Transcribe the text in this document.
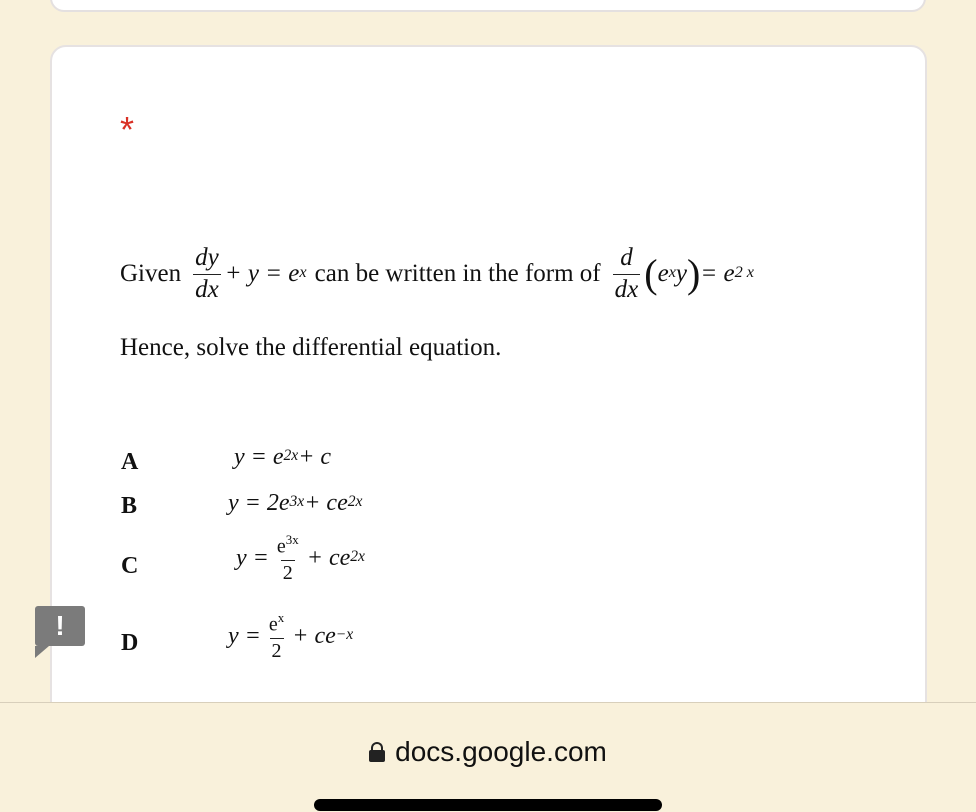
*
Given $\frac{dy}{dx} + y = e$ x can be written in the form of $\frac{d}{dx}$ ( e x y ) = e 2 x
Hence, solve the differential equation.
A	y = e 2x + c
B	y = 2e 3x + ce 2x
C	$y = \frac{e^{3x}}{2}$ + ce 2x
D	$y = \frac{e^x}{2}$ + ce −x
!
docs.google.com
